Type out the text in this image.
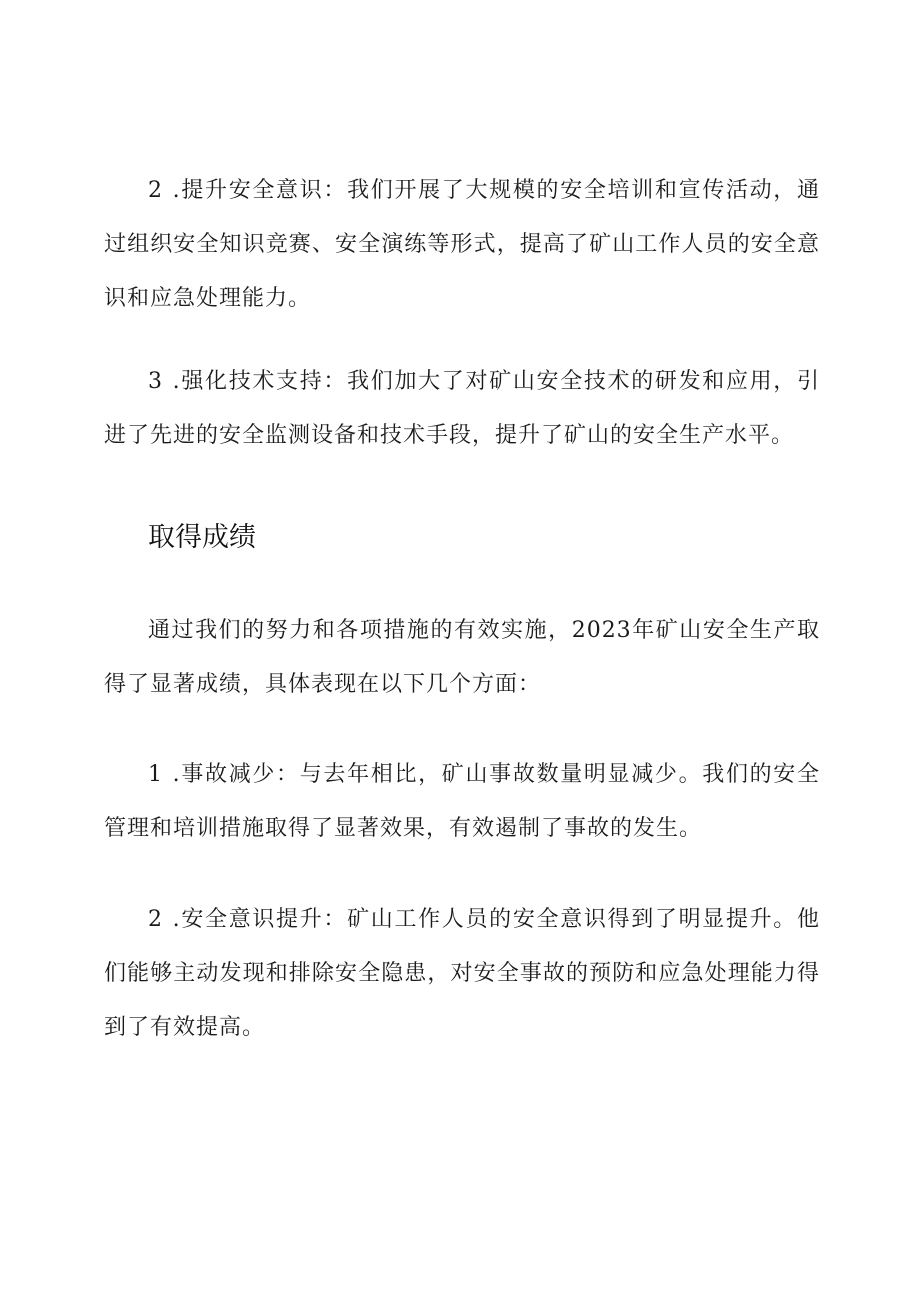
2 .提升安全意识：我们开展了大规模的安全培训和宣传活动，通过组织安全知识竞赛、安全演练等形式，提高了矿山工作人员的安全意识和应急处理能力。

3 .强化技术支持：我们加大了对矿山安全技术的研发和应用，引进了先进的安全监测设备和技术手段，提升了矿山的安全生产水平。

取得成绩

通过我们的努力和各项措施的有效实施，2023年矿山安全生产取得了显著成绩，具体表现在以下几个方面：

1 .事故减少：与去年相比，矿山事故数量明显减少。我们的安全管理和培训措施取得了显著效果，有效遏制了事故的发生。

2 .安全意识提升：矿山工作人员的安全意识得到了明显提升。他们能够主动发现和排除安全隐患，对安全事故的预防和应急处理能力得到了有效提高。
